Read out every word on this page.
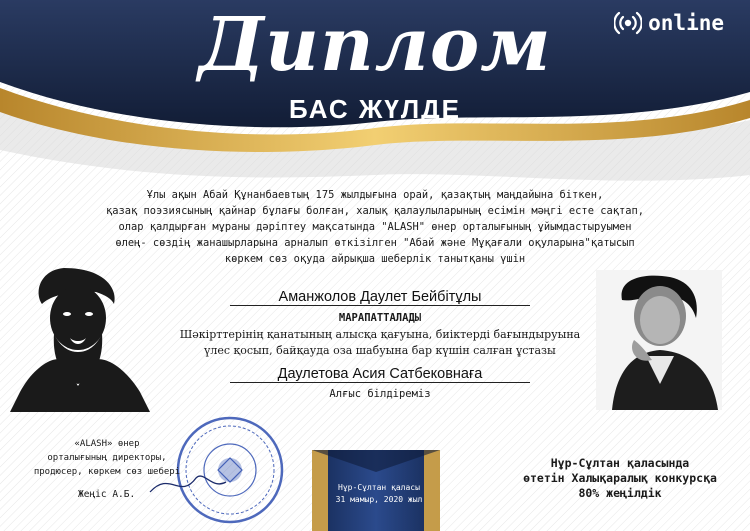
Диплом
БАС ЖҮЛДЕ
online
Ұлы ақын Абай Құнанбаевтың 175 жылдығына орай, қазақтың маңдайына біткен,
қазақ поэзиясының қайнар бұлағы болған, халық қалаулыларының есімін мәңгі есте сақтап,
олар қалдырған мұраны дәріптеу мақсатында "ALASH" өнер орталығының ұйымдастыруымен
өлең- сөздің жанашырларына арналып өткізілген "Абай және Мұқағали оқуларына"қатысып
көркем сөз оқуда айрықша шеберлік танытқаны үшін
Аманжолов Даулет Бейбітұлы
МАРАПАТТАЛАДЫ
Шәкірттерінің қанатының алысқа қағуына, биіктерді бағындыруына
үлес қосып, байқауда оза шабуына бар күшін салған ұстазы
Даулетова Асия Сатбековнаға
Алғыс білдіреміз
«ALASH» өнер
орталығының директоры,
продюсер, көркем сөз шебері
Жеңіс А.Б.
Нұр-Сұлтан қаласы
31 мамыр, 2020 жыл
Нұр-Сұлтан қаласында
өтетін Халықаралық конкурсқа
80% жеңілдік
